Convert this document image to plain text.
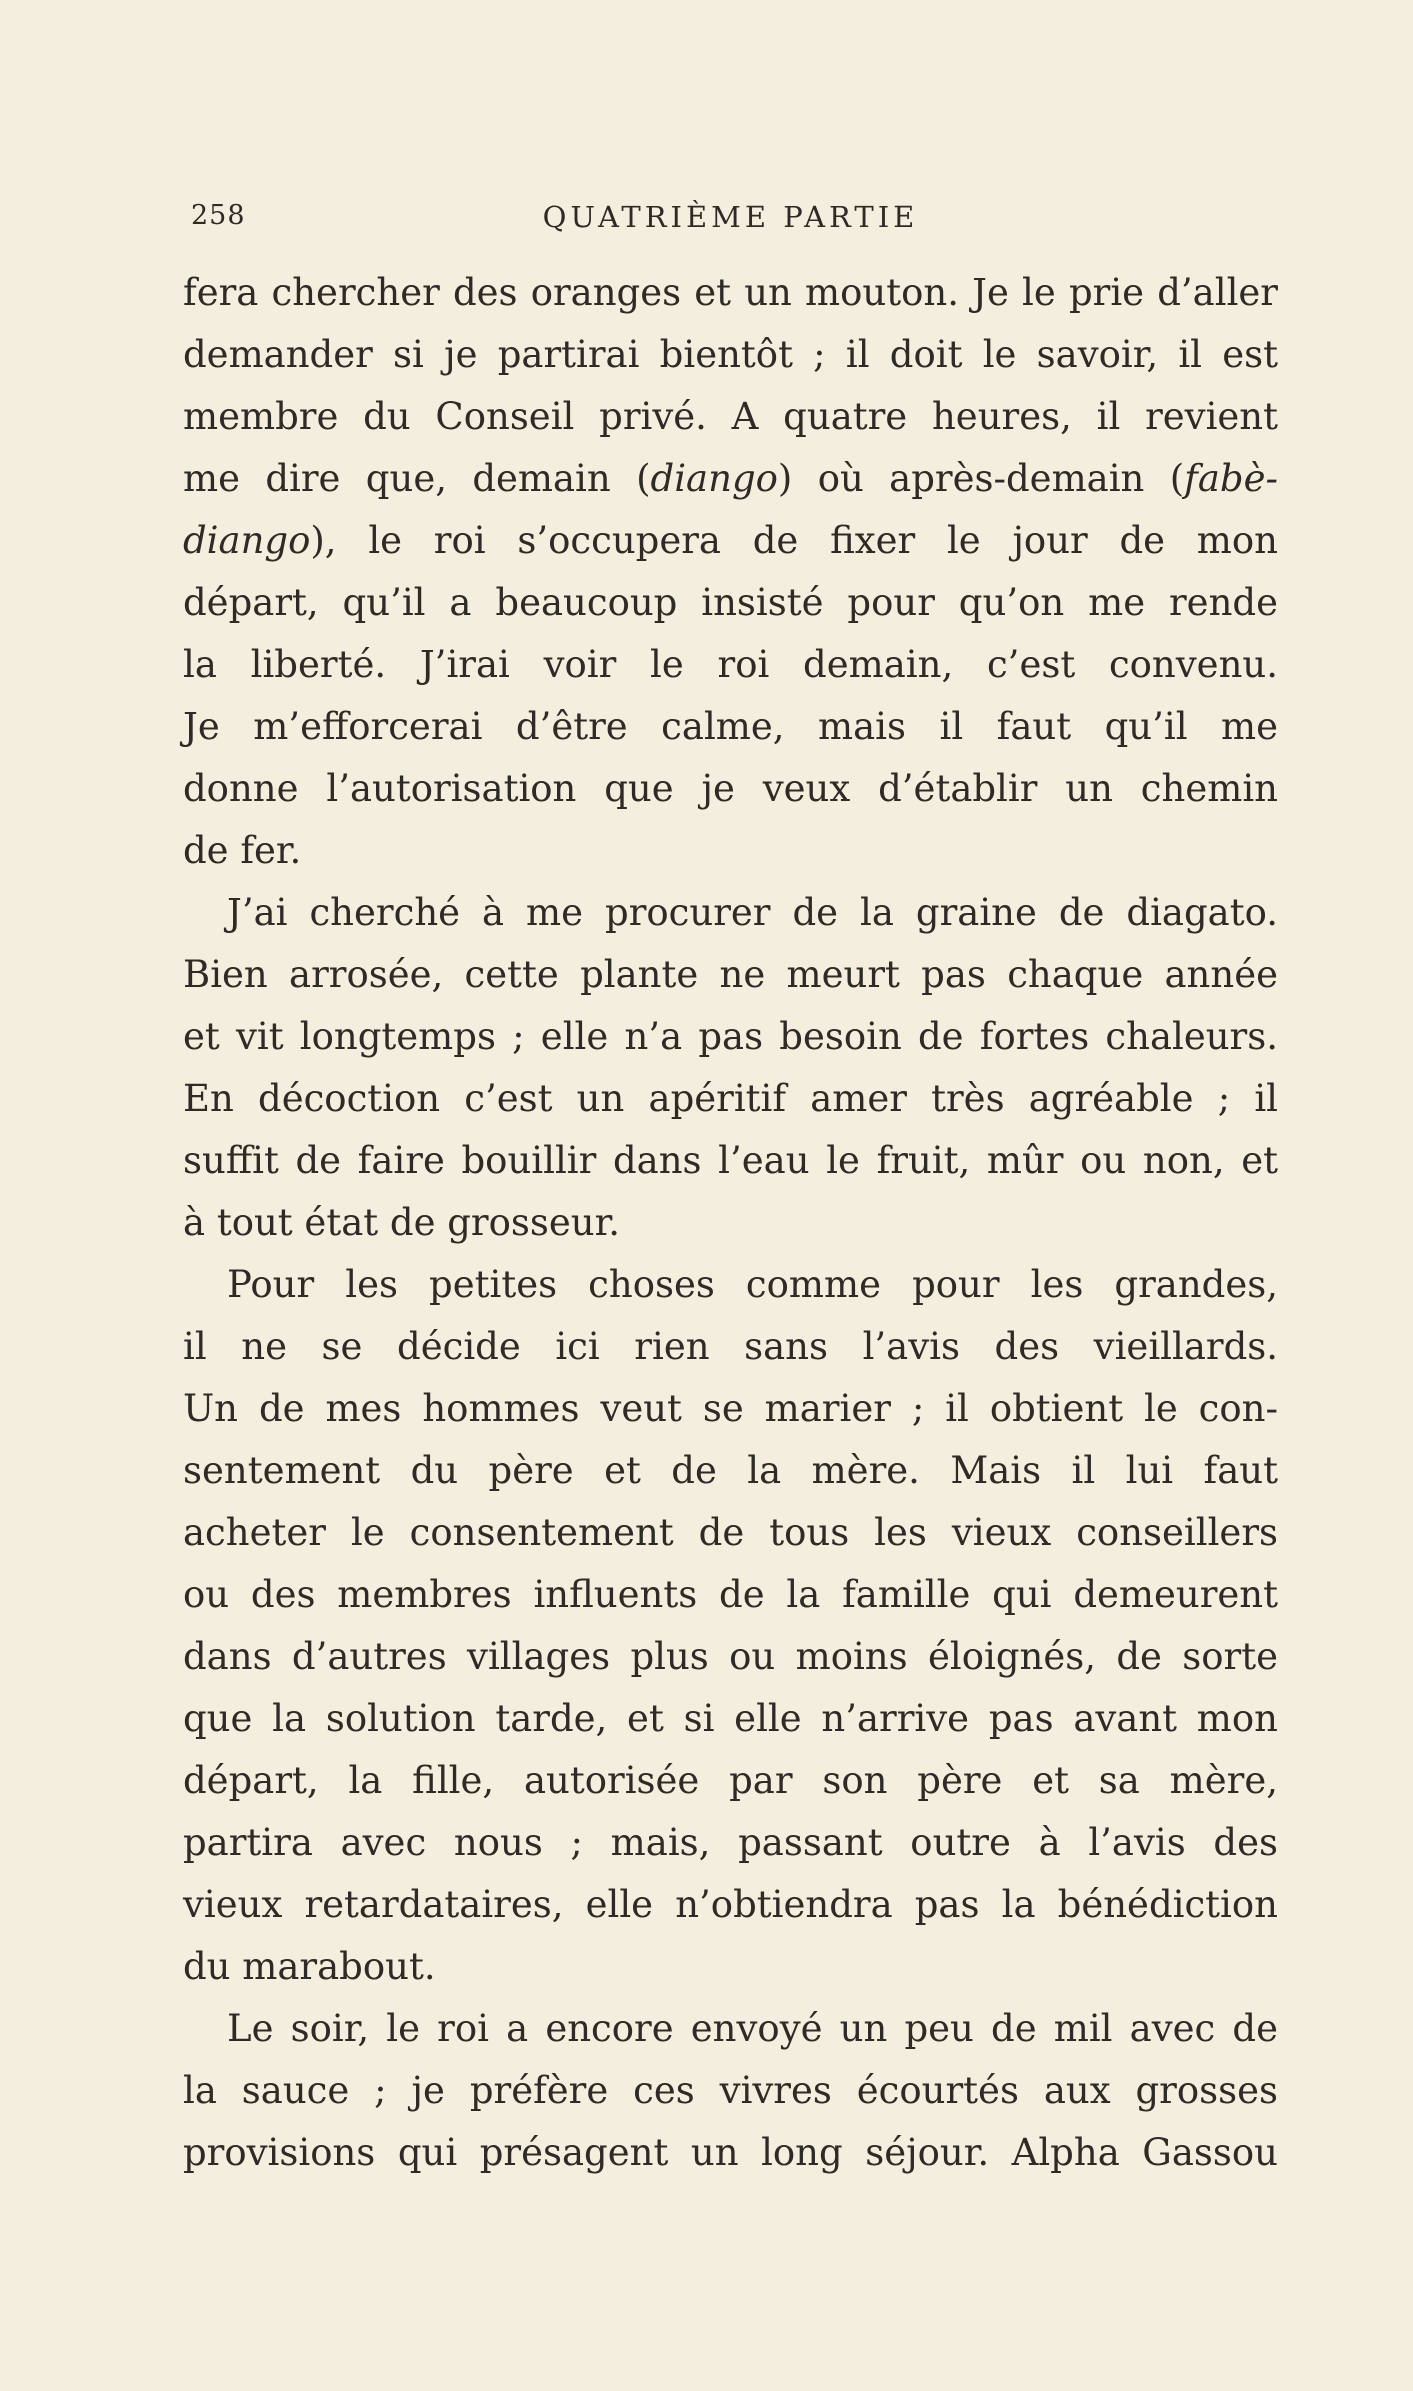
258	QUATRIÈME PARTIE

fera chercher des oranges et un mouton. Je le prie d’aller
demander si je partirai bientôt ; il doit le savoir, il est
membre du Conseil privé. A quatre heures, il revient
me dire que, demain (diango) où après-demain (fabè-
diango), le roi s’occupera de fixer le jour de mon
départ, qu’il a beaucoup insisté pour qu’on me rende
la liberté. J’irai voir le roi demain, c’est convenu.
Je m’efforcerai d’être calme, mais il faut qu’il me
donne l’autorisation que je veux d’établir un chemin
de fer.

J’ai cherché à me procurer de la graine de diagato.
Bien arrosée, cette plante ne meurt pas chaque année
et vit longtemps ; elle n’a pas besoin de fortes chaleurs.
En décoction c’est un apéritif amer très agréable ; il
suffit de faire bouillir dans l’eau le fruit, mûr ou non, et
à tout état de grosseur.

Pour les petites choses comme pour les grandes,
il ne se décide ici rien sans l’avis des vieillards.
Un de mes hommes veut se marier ; il obtient le con-
sentement du père et de la mère. Mais il lui faut
acheter le consentement de tous les vieux conseillers
ou des membres influents de la famille qui demeurent
dans d’autres villages plus ou moins éloignés, de sorte
que la solution tarde, et si elle n’arrive pas avant mon
départ, la fille, autorisée par son père et sa mère,
partira avec nous ; mais, passant outre à l’avis des
vieux retardataires, elle n’obtiendra pas la bénédiction
du marabout.

Le soir, le roi a encore envoyé un peu de mil avec de
la sauce ; je préfère ces vivres écourtés aux grosses
provisions qui présagent un long séjour. Alpha Gassou
